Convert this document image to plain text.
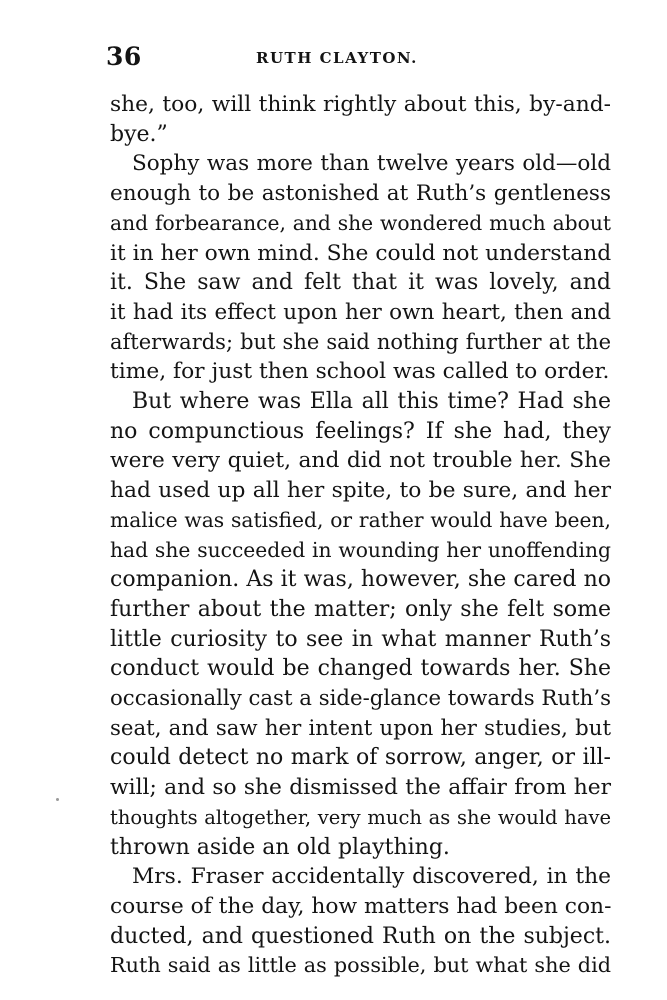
36	RUTH CLAYTON.
she, too, will think rightly about this, by-and-
bye.”
Sophy was more than twelve years old—old
enough to be astonished at Ruth’s gentleness
and forbearance, and she wondered much about
it in her own mind. She could not understand
it. She saw and felt that it was lovely, and
it had its effect upon her own heart, then and
afterwards; but she said nothing further at the
time, for just then school was called to order.
But where was Ella all this time? Had she
no compunctious feelings? If she had, they
were very quiet, and did not trouble her. She
had used up all her spite, to be sure, and her
malice was satisfied, or rather would have been,
had she succeeded in wounding her unoffending
companion. As it was, however, she cared no
further about the matter; only she felt some
little curiosity to see in what manner Ruth’s
conduct would be changed towards her. She
occasionally cast a side-glance towards Ruth’s
seat, and saw her intent upon her studies, but
could detect no mark of sorrow, anger, or ill-
will; and so she dismissed the affair from her
thoughts altogether, very much as she would have
thrown aside an old plaything.
Mrs. Fraser accidentally discovered, in the
course of the day, how matters had been con-
ducted, and questioned Ruth on the subject.
Ruth said as little as possible, but what she did
